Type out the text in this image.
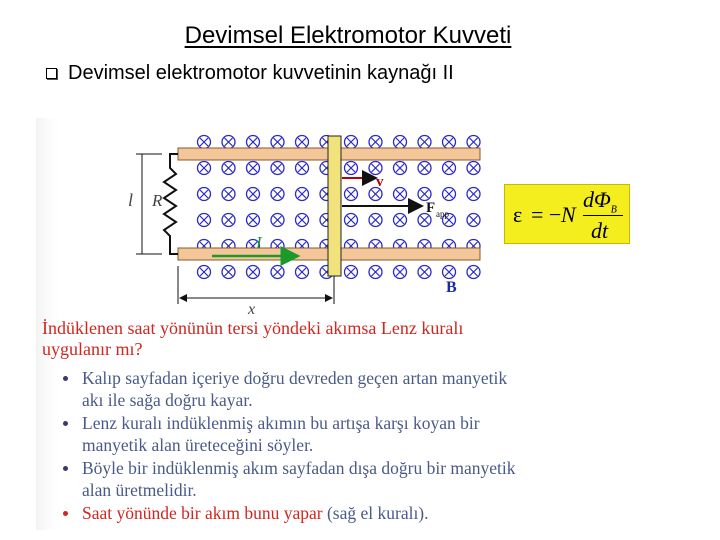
Devimsel Elektromotor Kuvveti
Devimsel elektromotor kuvvetinin kaynağı II
l R
v
F app
I
B
x
ε = − N
$d\Phi_B$
dt
İndüklenen saat yönünün tersi yöndeki akımsa Lenz kuralı uygulanır mı?
Kalıp sayfadan içeriye doğru devreden geçen artan manyetik akı ile sağa doğru kayar.
Lenz kuralı indüklenmiş akımın bu artışa karşı koyan bir manyetik alan üreteceğini söyler.
Böyle bir indüklenmiş akım sayfadan dışa doğru bir manyetik alan üretmelidir.
Saat yönünde bir akım bunu yapar (sağ el kuralı).
